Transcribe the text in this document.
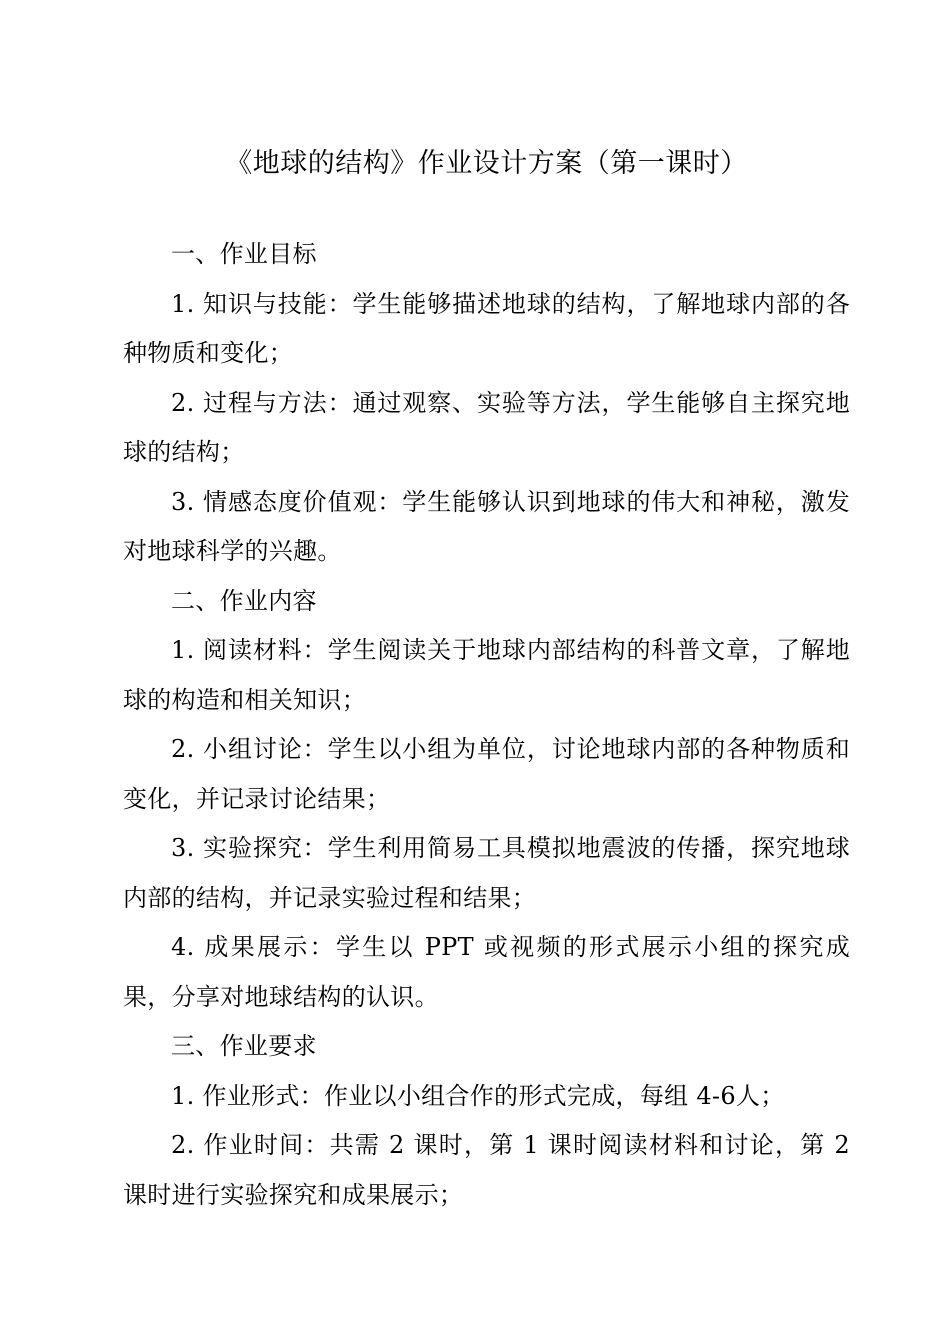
《地球的结构》作业设计方案（第一课时）

一、作业目标

1. 知识与技能：学生能够描述地球的结构，了解地球内部的各种物质和变化；

2. 过程与方法：通过观察、实验等方法，学生能够自主探究地球的结构；

3. 情感态度价值观：学生能够认识到地球的伟大和神秘，激发对地球科学的兴趣。

二、作业内容

1. 阅读材料：学生阅读关于地球内部结构的科普文章，了解地球的构造和相关知识；

2. 小组讨论：学生以小组为单位，讨论地球内部的各种物质和变化，并记录讨论结果；

3. 实验探究：学生利用简易工具模拟地震波的传播，探究地球内部的结构，并记录实验过程和结果；

4. 成果展示：学生以 PPT 或视频的形式展示小组的探究成果，分享对地球结构的认识。

三、作业要求

1. 作业形式：作业以小组合作的形式完成，每组 4-6人；

2. 作业时间：共需 2 课时，第 1 课时阅读材料和讨论，第 2 课时进行实验探究和成果展示；
